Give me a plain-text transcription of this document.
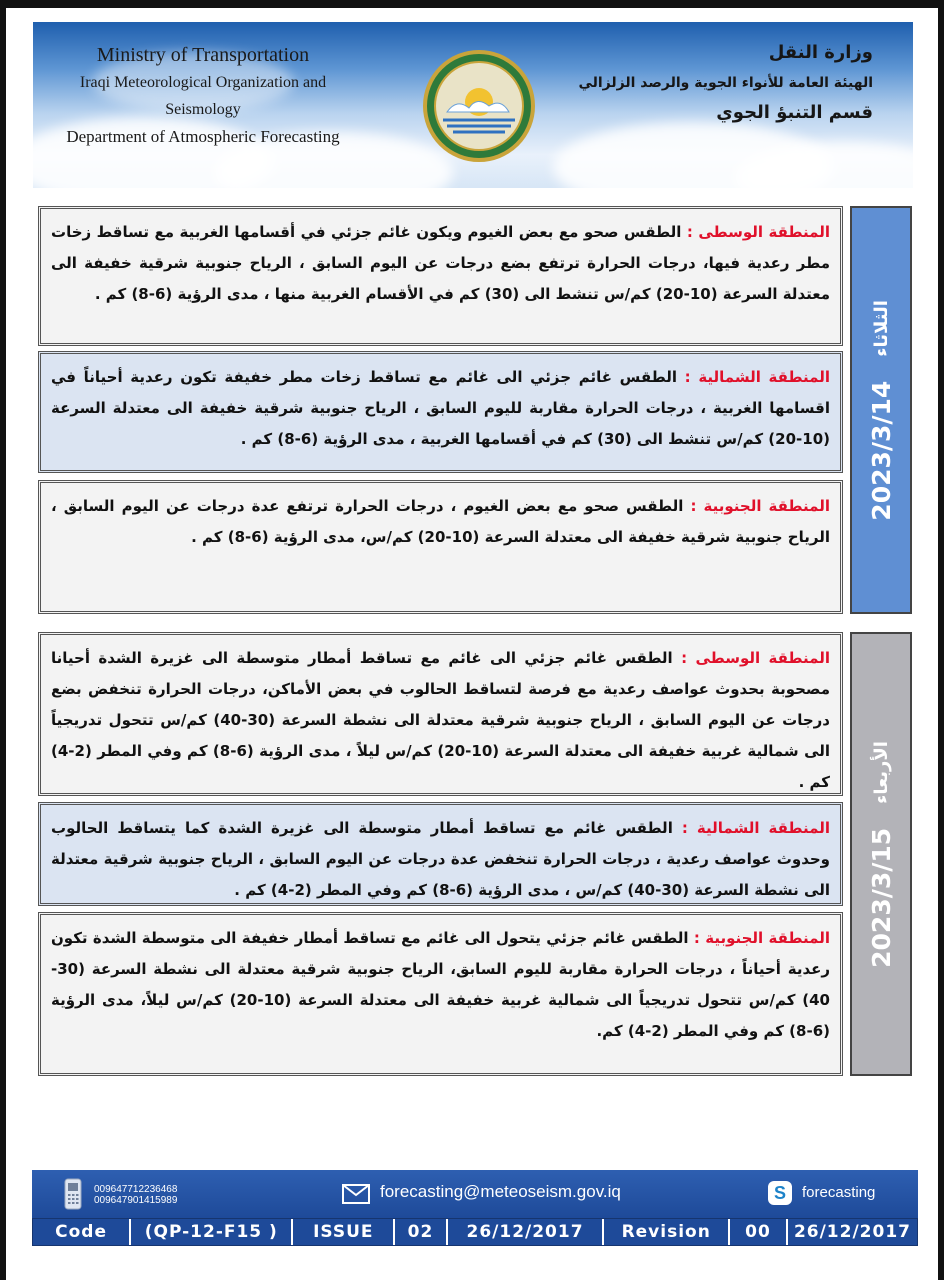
Ministry of Transportation
Iraqi Meteorological Organization and Seismology
Department of Atmospheric Forecasting
وزارة النقل
الهيئة العامة للأنواء الجوية والرصد الزلزالي
قسم التنبؤ الجوي
المنطقة الوسطى : الطقس صحو مع بعض الغيوم ويكون غائم جزئي في أقسامها الغربية مع تساقط زخات مطر رعدية فيها، درجات الحرارة ترتفع بضع درجات عن اليوم السابق ، الرياح جنوبية شرقية خفيفة الى معتدلة السرعة (10-20) كم/س تنشط الى (30) كم في الأقسام الغربية منها ، مدى الرؤية (6-8) كم .
المنطقة الشمالية : الطقس غائم جزئي الى غائم مع تساقط زخات مطر خفيفة تكون رعدية أحياناً في اقسامها الغربية ، درجات الحرارة مقاربة لليوم السابق ، الرياح جنوبية شرقية خفيفة الى معتدلة السرعة (10-20) كم/س تنشط الى (30) كم في أقسامها الغربية ، مدى الرؤية (6-8) كم .
المنطقة الجنوبية : الطقس صحو مع بعض الغيوم ، درجات الحرارة ترتفع عدة درجات عن اليوم السابق ، الرياح جنوبية شرقية خفيفة الى معتدلة السرعة (10-20) كم/س، مدى الرؤية (6-8) كم .
2023/3/14
الثلاثاء
المنطقة الوسطى : الطقس غائم جزئي الى غائم مع تساقط أمطار متوسطة الى غزيرة الشدة أحيانا مصحوبة بحدوث عواصف رعدية مع فرصة لتساقط الحالوب في بعض الأماكن، درجات الحرارة تنخفض بضع درجات عن اليوم السابق ، الرياح جنوبية شرقية معتدلة الى نشطة السرعة (30-40) كم/س تتحول تدريجياً الى شمالية غربية خفيفة الى معتدلة السرعة (10-20) كم/س ليلاً ، مدى الرؤية (6-8) كم وفي المطر (2-4) كم .
المنطقة الشمالية : الطقس غائم مع تساقط أمطار متوسطة الى غزيرة الشدة كما يتساقط الحالوب وحدوث عواصف رعدية ، درجات الحرارة تنخفض عدة درجات عن اليوم السابق ، الرياح جنوبية شرقية معتدلة الى نشطة السرعة (30-40) كم/س ، مدى الرؤية (6-8) كم وفي المطر (2-4) كم .
المنطقة الجنوبية : الطقس غائم جزئي يتحول الى غائم مع تساقط أمطار خفيفة الى متوسطة الشدة تكون رعدية أحياناً ، درجات الحرارة مقاربة لليوم السابق، الرياح جنوبية شرقية معتدلة الى نشطة السرعة (30-40) كم/س تتحول تدريجياً الى شمالية غربية خفيفة الى معتدلة السرعة (10-20) كم/س ليلاً، مدى الرؤية (6-8) كم وفي المطر (2-4) كم.
2023/3/15
الأربعاء
009647712236468
009647901415989	forecasting@meteoseism.gov.iq	S	forecasting
Code	(QP-12-F15 )	ISSUE	02	26/12/2017	Revision	00	26/12/2017
